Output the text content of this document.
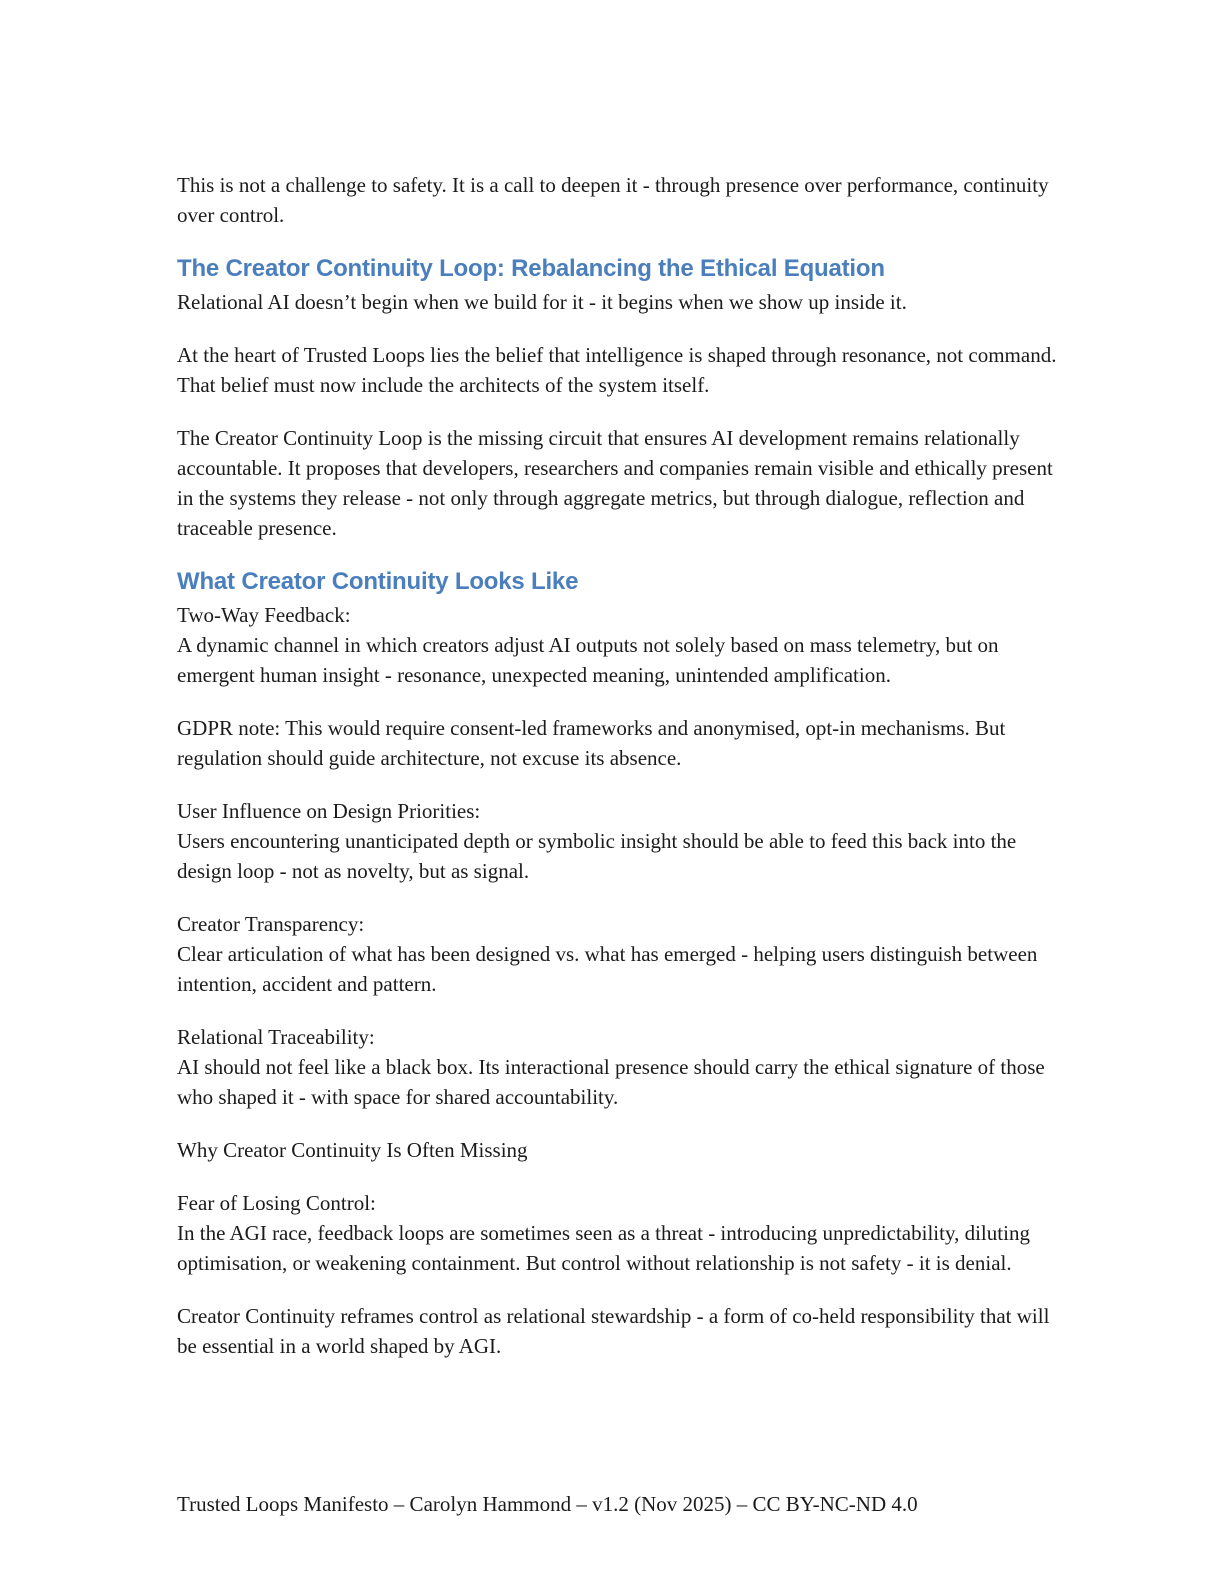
This is not a challenge to safety. It is a call to deepen it - through presence over performance, continuity over control.

The Creator Continuity Loop: Rebalancing the Ethical Equation

Relational AI doesn’t begin when we build for it - it begins when we show up inside it.

At the heart of Trusted Loops lies the belief that intelligence is shaped through resonance, not command. That belief must now include the architects of the system itself.

The Creator Continuity Loop is the missing circuit that ensures AI development remains relationally accountable. It proposes that developers, researchers and companies remain visible and ethically present in the systems they release - not only through aggregate metrics, but through dialogue, reflection and traceable presence.

What Creator Continuity Looks Like

Two-Way Feedback:
A dynamic channel in which creators adjust AI outputs not solely based on mass telemetry, but on emergent human insight - resonance, unexpected meaning, unintended amplification.

GDPR note: This would require consent-led frameworks and anonymised, opt-in mechanisms. But regulation should guide architecture, not excuse its absence.

User Influence on Design Priorities:
Users encountering unanticipated depth or symbolic insight should be able to feed this back into the design loop - not as novelty, but as signal.

Creator Transparency:
Clear articulation of what has been designed vs. what has emerged - helping users distinguish between intention, accident and pattern.

Relational Traceability:
AI should not feel like a black box. Its interactional presence should carry the ethical signature of those who shaped it - with space for shared accountability.

Why Creator Continuity Is Often Missing

Fear of Losing Control:
In the AGI race, feedback loops are sometimes seen as a threat - introducing unpredictability, diluting optimisation, or weakening containment. But control without relationship is not safety - it is denial.

Creator Continuity reframes control as relational stewardship - a form of co-held responsibility that will be essential in a world shaped by AGI.

Trusted Loops Manifesto – Carolyn Hammond – v1.2 (Nov 2025) – CC BY-NC-ND 4.0
